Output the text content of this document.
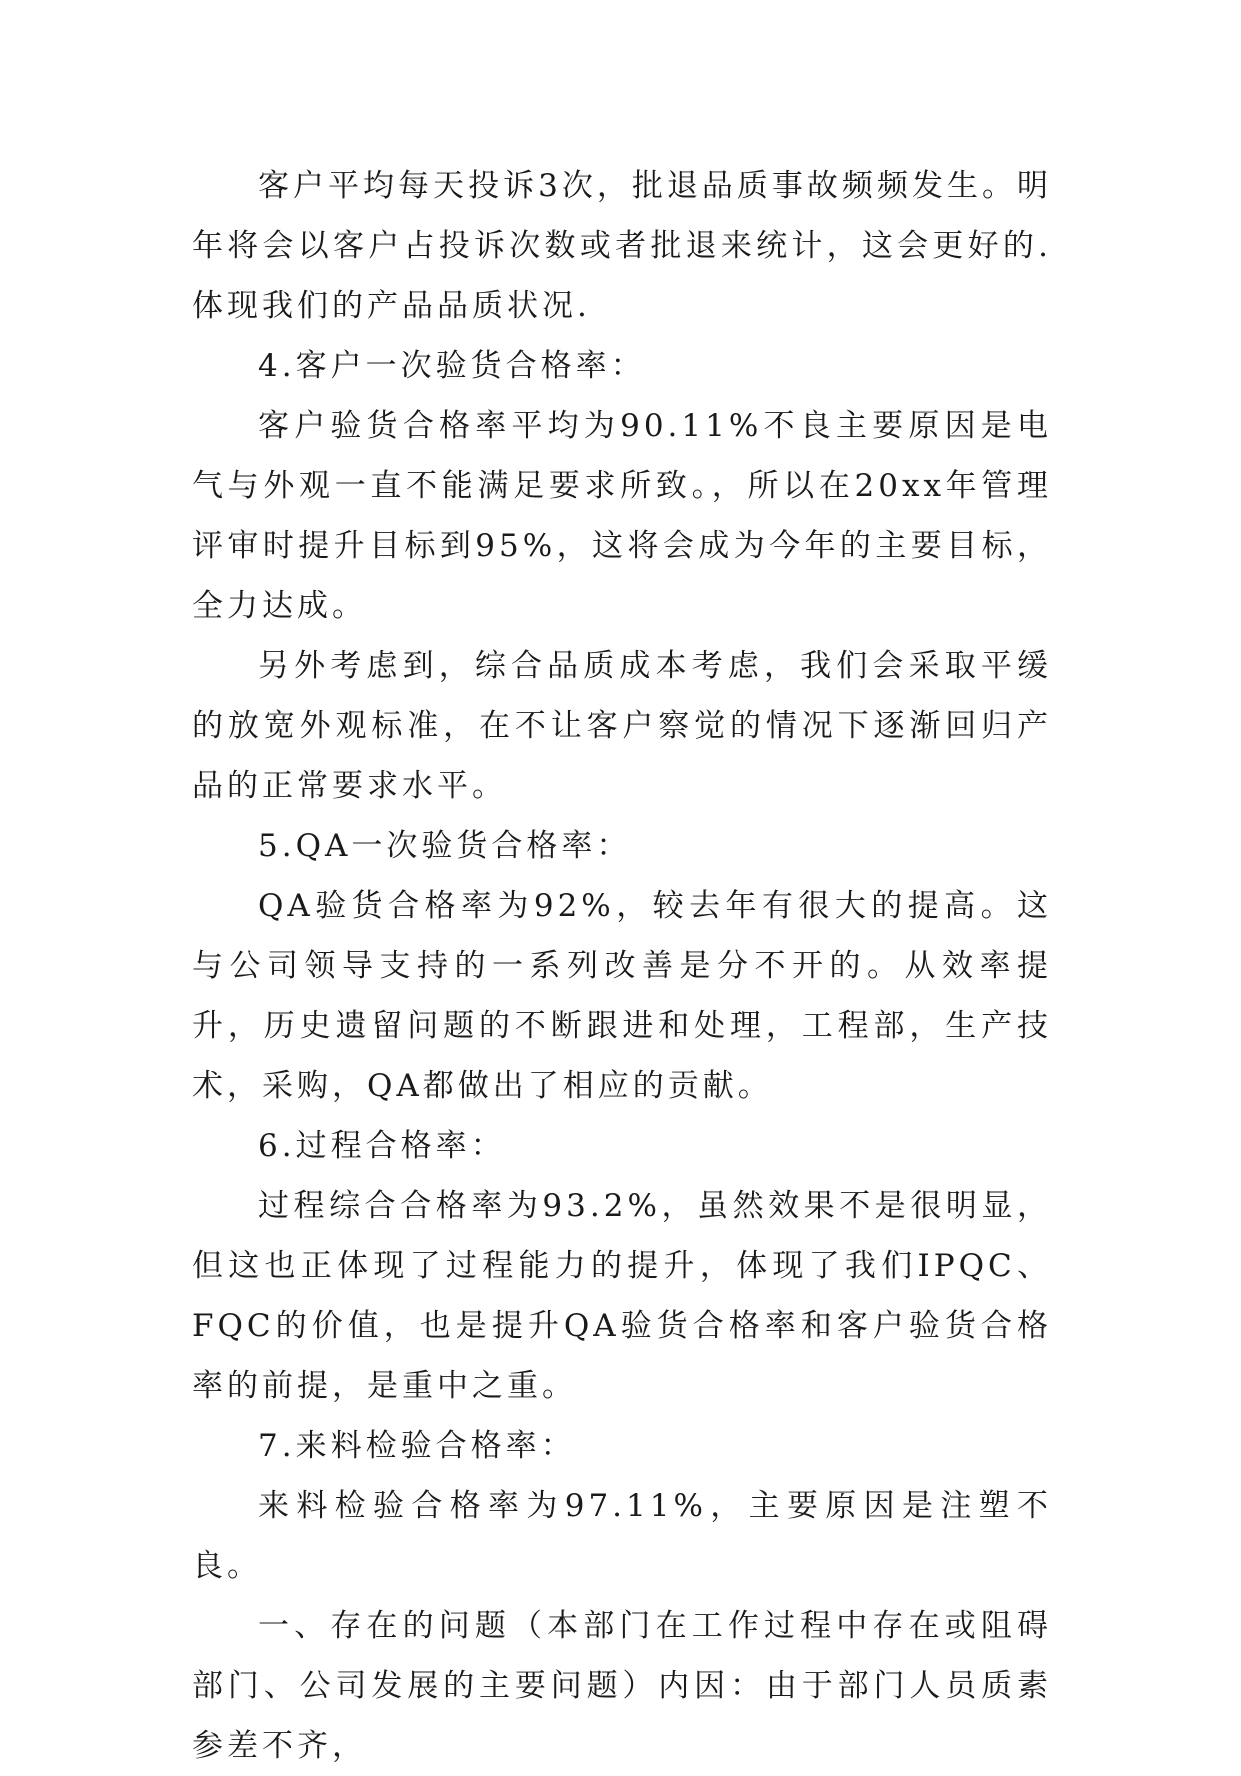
客户平均每天投诉3次，批退品质事故频频发生。明年将会以客户占投诉次数或者批退来统计，这会更好的.体现我们的产品品质状况.

4.客户一次验货合格率：

客户验货合格率平均为90.11%不良主要原因是电气与外观一直不能满足要求所致。，所以在20xx年管理评审时提升目标到95%，这将会成为今年的主要目标，全力达成。

另外考虑到，综合品质成本考虑，我们会采取平缓的放宽外观标准，在不让客户察觉的情况下逐渐回归产品的正常要求水平。

5.QA一次验货合格率：

QA验货合格率为92%，较去年有很大的提高。这与公司领导支持的一系列改善是分不开的。从效率提升，历史遗留问题的不断跟进和处理，工程部，生产技术，采购，QA都做出了相应的贡献。

6.过程合格率：

过程综合合格率为93.2%，虽然效果不是很明显，但这也正体现了过程能力的提升，体现了我们IPQC、FQC的价值，也是提升QA验货合格率和客户验货合格率的前提，是重中之重。

7.来料检验合格率：

来料检验合格率为97.11%，主要原因是注塑不良。

一、存在的问题（本部门在工作过程中存在或阻碍部门、公司发展的主要问题）内因：由于部门人员质素参差不齐，
